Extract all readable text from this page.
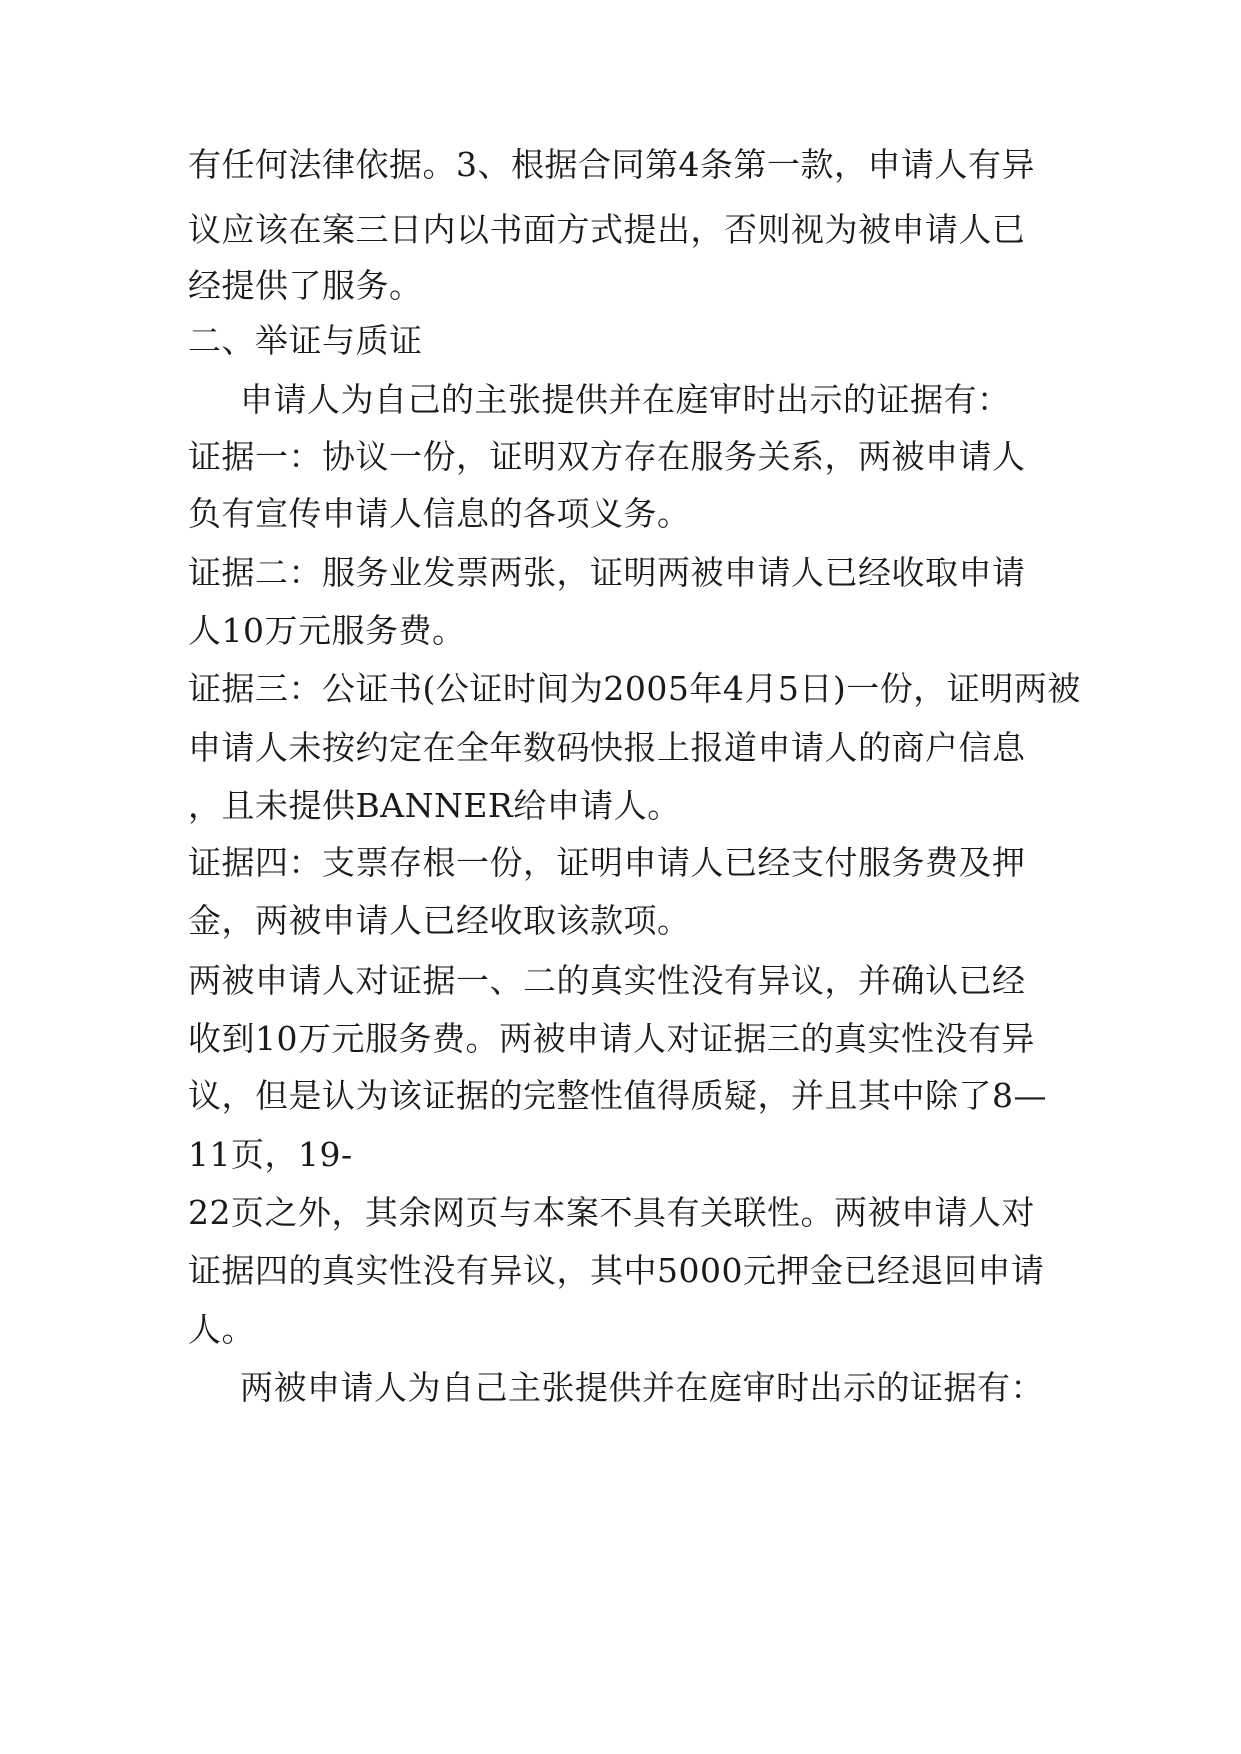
有任何法律依据。3、根据合同第4条第一款，申请人有异
议应该在案三日内以书面方式提出，否则视为被申请人已
经提供了服务。
二、举证与质证
申请人为自己的主张提供并在庭审时出示的证据有：
证据一：协议一份，证明双方存在服务关系，两被申请人
负有宣传申请人信息的各项义务。
证据二：服务业发票两张，证明两被申请人已经收取申请
人10万元服务费。
证据三：公证书(公证时间为2005年4月5日)一份，证明两被
申请人未按约定在全年数码快报上报道申请人的商户信息
，且未提供BANNER给申请人。
证据四：支票存根一份，证明申请人已经支付服务费及押
金，两被申请人已经收取该款项。
两被申请人对证据一、二的真实性没有异议，并确认已经
收到10万元服务费。两被申请人对证据三的真实性没有异
议，但是认为该证据的完整性值得质疑，并且其中除了8—
11页，19-
22页之外，其余网页与本案不具有关联性。两被申请人对
证据四的真实性没有异议，其中5000元押金已经退回申请
人。
两被申请人为自己主张提供并在庭审时出示的证据有：
